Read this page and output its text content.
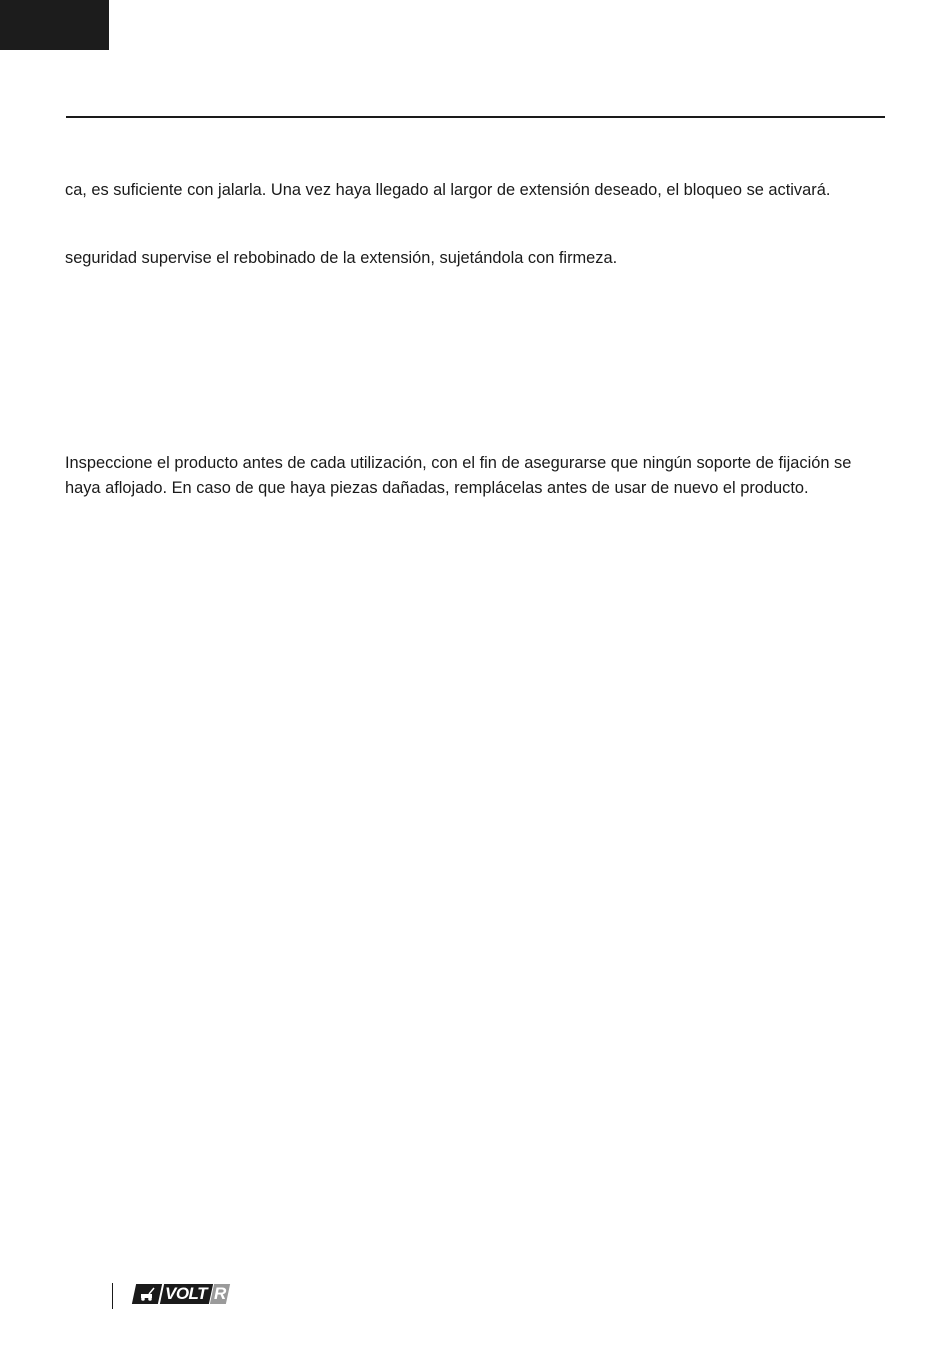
ca, es suficiente con jalarla. Una vez haya llegado al largor de extensión deseado, el bloqueo se activará.

seguridad supervise el rebobinado de la extensión, sujetándola con firmeza.

Inspeccione el producto antes de cada utilización, con el fin de asegurarse que ningún soporte de fijación se haya aflojado. En caso de que haya piezas dañadas, remplácelas antes de usar de nuevo el producto.

VOLT R
